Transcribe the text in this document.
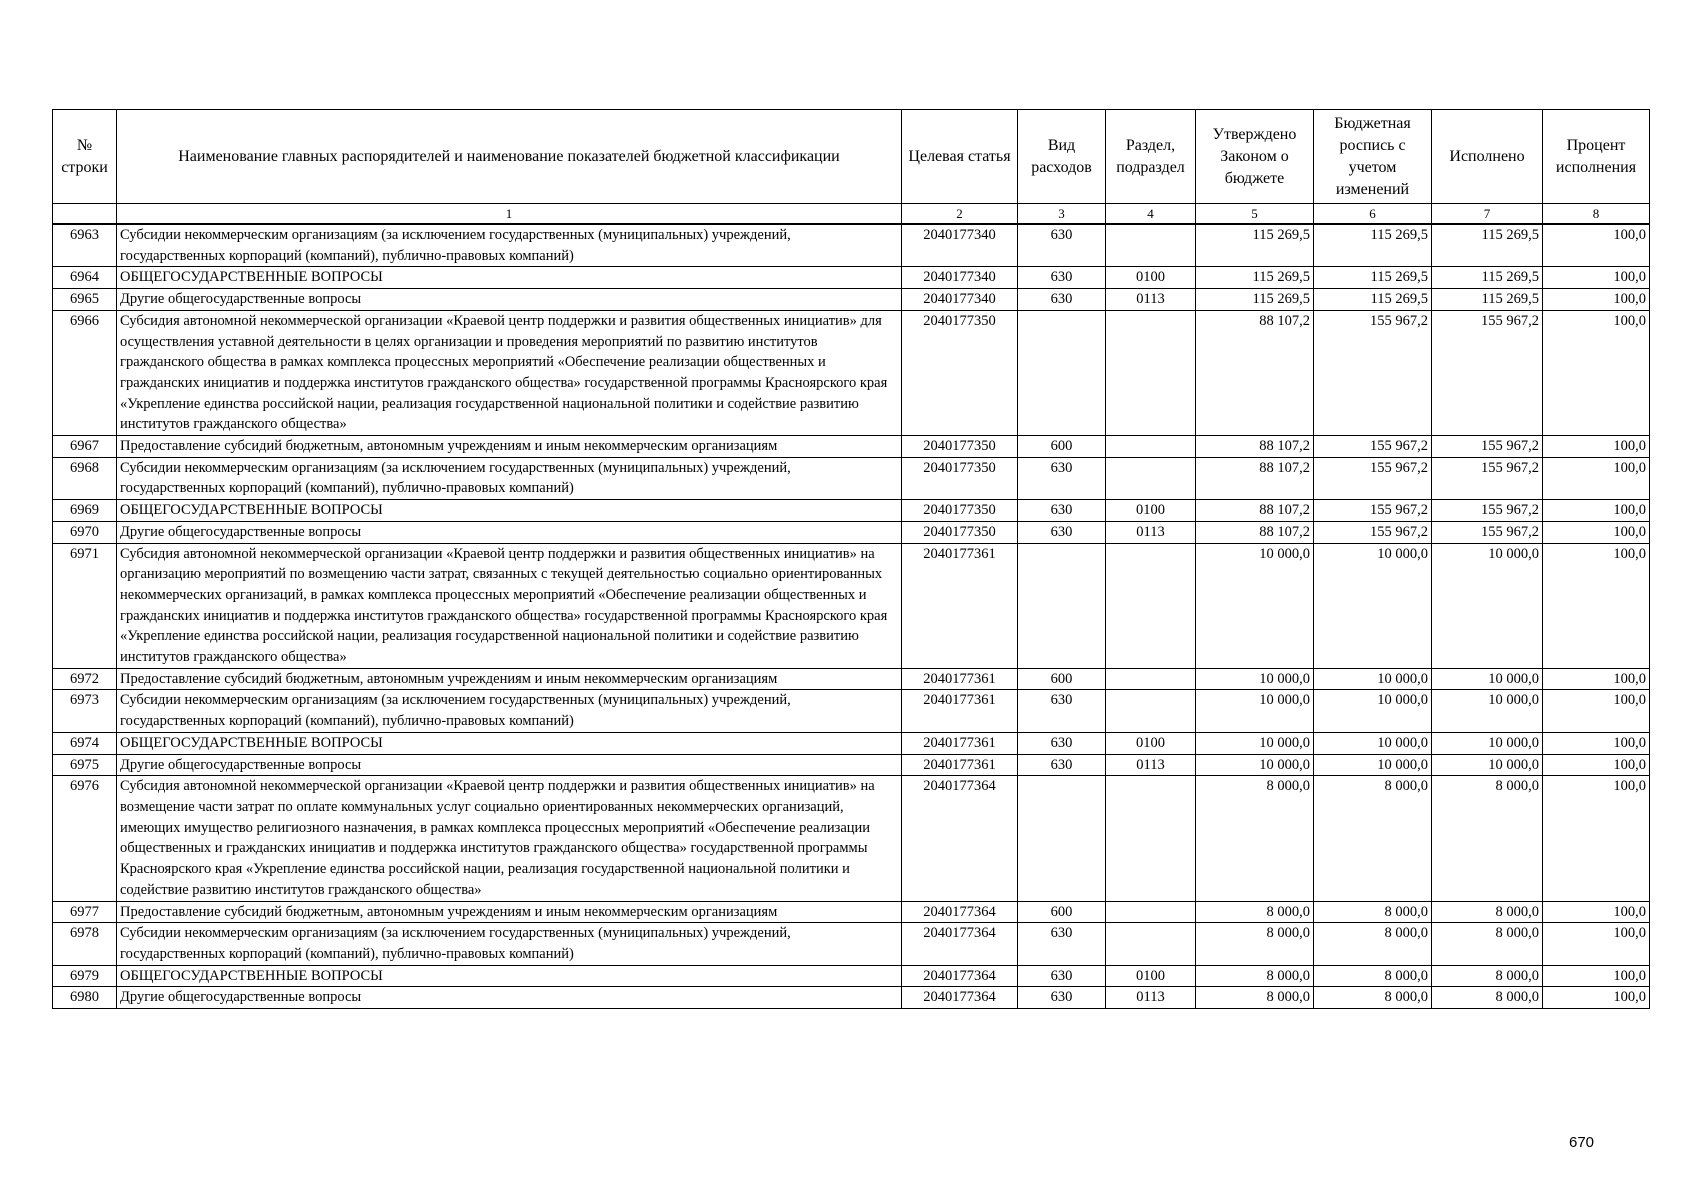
№ строки	Наименование главных распорядителей и наименование показателей бюджетной классификации	Целевая статья	Вид расходов	Раздел, подраздел	Утверждено Законом о бюджете	Бюджетная роспись с учетом изменений	Исполнено	Процент исполнения
	1	2	3	4	5	6	7	8
6963	Субсидии некоммерческим организациям (за исключением государственных (муниципальных) учреждений, государственных корпораций (компаний), публично-правовых компаний)	2040177340	630		115 269,5	115 269,5	115 269,5	100,0
6964	ОБЩЕГОСУДАРСТВЕННЫЕ ВОПРОСЫ	2040177340	630	0100	115 269,5	115 269,5	115 269,5	100,0
6965	Другие общегосударственные вопросы	2040177340	630	0113	115 269,5	115 269,5	115 269,5	100,0
6966	Субсидия автономной некоммерческой организации «Краевой центр поддержки и развития общественных инициатив» для осуществления уставной деятельности в целях организации и проведения мероприятий по развитию институтов гражданского общества в рамках комплекса процессных мероприятий «Обеспечение реализации общественных и гражданских инициатив и поддержка институтов гражданского общества» государственной программы Красноярского края «Укрепление единства российской нации, реализация государственной национальной политики и содействие развитию институтов гражданского общества»	2040177350			88 107,2	155 967,2	155 967,2	100,0
6967	Предоставление субсидий бюджетным, автономным учреждениям и иным некоммерческим организациям	2040177350	600		88 107,2	155 967,2	155 967,2	100,0
6968	Субсидии некоммерческим организациям (за исключением государственных (муниципальных) учреждений, государственных корпораций (компаний), публично-правовых компаний)	2040177350	630		88 107,2	155 967,2	155 967,2	100,0
6969	ОБЩЕГОСУДАРСТВЕННЫЕ ВОПРОСЫ	2040177350	630	0100	88 107,2	155 967,2	155 967,2	100,0
6970	Другие общегосударственные вопросы	2040177350	630	0113	88 107,2	155 967,2	155 967,2	100,0
6971	Субсидия автономной некоммерческой организации «Краевой центр поддержки и развития общественных инициатив» на организацию мероприятий по возмещению части затрат, связанных с текущей деятельностью социально ориентированных некоммерческих организаций, в рамках комплекса процессных мероприятий «Обеспечение реализации общественных и гражданских инициатив и поддержка институтов гражданского общества» государственной программы Красноярского края «Укрепление единства российской нации, реализация государственной национальной политики и содействие развитию институтов гражданского общества»	2040177361			10 000,0	10 000,0	10 000,0	100,0
6972	Предоставление субсидий бюджетным, автономным учреждениям и иным некоммерческим организациям	2040177361	600		10 000,0	10 000,0	10 000,0	100,0
6973	Субсидии некоммерческим организациям (за исключением государственных (муниципальных) учреждений, государственных корпораций (компаний), публично-правовых компаний)	2040177361	630		10 000,0	10 000,0	10 000,0	100,0
6974	ОБЩЕГОСУДАРСТВЕННЫЕ ВОПРОСЫ	2040177361	630	0100	10 000,0	10 000,0	10 000,0	100,0
6975	Другие общегосударственные вопросы	2040177361	630	0113	10 000,0	10 000,0	10 000,0	100,0
6976	Субсидия автономной некоммерческой организации «Краевой центр поддержки и развития общественных инициатив» на возмещение части затрат по оплате коммунальных услуг социально ориентированных некоммерческих организаций, имеющих имущество религиозного назначения, в рамках комплекса процессных мероприятий «Обеспечение реализации общественных и гражданских инициатив и поддержка институтов гражданского общества» государственной программы Красноярского края «Укрепление единства российской нации, реализация государственной национальной политики и содействие развитию институтов гражданского общества»	2040177364			8 000,0	8 000,0	8 000,0	100,0
6977	Предоставление субсидий бюджетным, автономным учреждениям и иным некоммерческим организациям	2040177364	600		8 000,0	8 000,0	8 000,0	100,0
6978	Субсидии некоммерческим организациям (за исключением государственных (муниципальных) учреждений, государственных корпораций (компаний), публично-правовых компаний)	2040177364	630		8 000,0	8 000,0	8 000,0	100,0
6979	ОБЩЕГОСУДАРСТВЕННЫЕ ВОПРОСЫ	2040177364	630	0100	8 000,0	8 000,0	8 000,0	100,0
6980	Другие общегосударственные вопросы	2040177364	630	0113	8 000,0	8 000,0	8 000,0	100,0
670
